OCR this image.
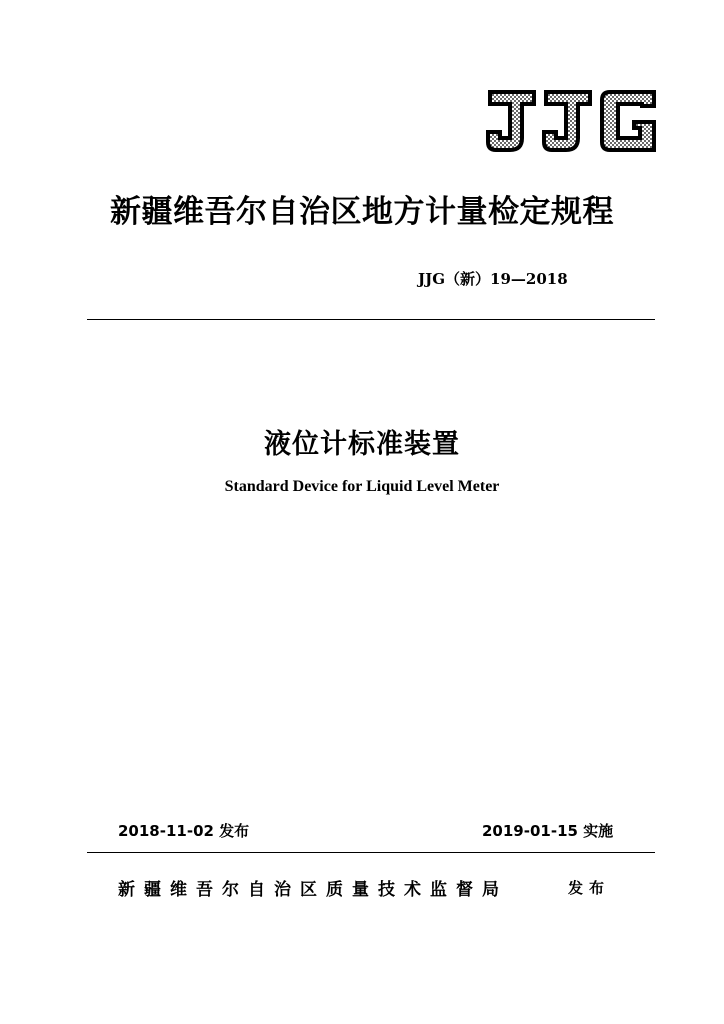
新疆维吾尔自治区地方计量检定规程
JJG（新）19—2018
液位计标准装置
Standard Device for Liquid Level Meter
2018-11-02 发布	2019-01-15 实施
新疆维吾尔自治区质量技术监督局	发布
